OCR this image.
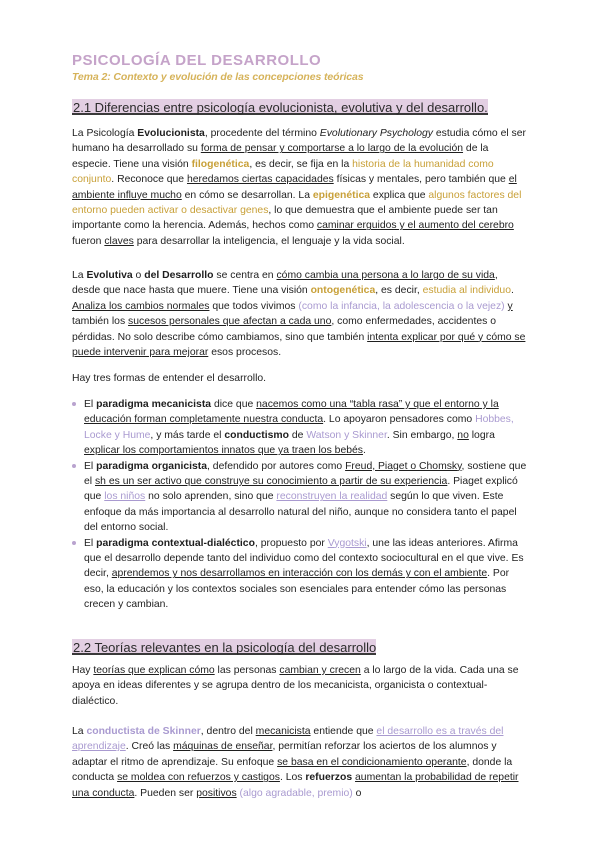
PSICOLOGÍA DEL DESARROLLO
Tema 2: Contexto y evolución de las concepciones teóricas
2.1 Diferencias entre psicología evolucionista, evolutiva y del desarrollo.

La Psicología Evolucionista, procedente del término Evolutionary Psychology estudia cómo el ser humano ha desarrollado su forma de pensar y comportarse a lo largo de la evolución de la especie. Tiene una visión filogenética, es decir, se fija en la historia de la humanidad como conjunto. Reconoce que heredamos ciertas capacidades físicas y mentales, pero también que el ambiente influye mucho en cómo se desarrollan. La epigenética explica que algunos factores del entorno pueden activar o desactivar genes, lo que demuestra que el ambiente puede ser tan importante como la herencia. Además, hechos como caminar erguidos y el aumento del cerebro fueron claves para desarrollar la inteligencia, el lenguaje y la vida social.

La Evolutiva o del Desarrollo se centra en cómo cambia una persona a lo largo de su vida, desde que nace hasta que muere. Tiene una visión ontogenética, es decir, estudia al individuo. Analiza los cambios normales que todos vivimos (como la infancia, la adolescencia o la vejez) y también los sucesos personales que afectan a cada uno, como enfermedades, accidentes o pérdidas. No solo describe cómo cambiamos, sino que también intenta explicar por qué y cómo se puede intervenir para mejorar esos procesos.

Hay tres formas de entender el desarrollo.

El paradigma mecanicista dice que nacemos como una “tabla rasa” y que el entorno y la educación forman completamente nuestra conducta. Lo apoyaron pensadores como Hobbes, Locke y Hume, y más tarde el conductismo de Watson y Skinner. Sin embargo, no logra explicar los comportamientos innatos que ya traen los bebés.
El paradigma organicista, defendido por autores como Freud, Piaget o Chomsky, sostiene que el sh es un ser activo que construye su conocimiento a partir de su experiencia. Piaget explicó que los niños no solo aprenden, sino que reconstruyen la realidad según lo que viven. Este enfoque da más importancia al desarrollo natural del niño, aunque no considera tanto el papel del entorno social.
El paradigma contextual-dialéctico, propuesto por Vygotski, une las ideas anteriores. Afirma que el desarrollo depende tanto del individuo como del contexto sociocultural en el que vive. Es decir, aprendemos y nos desarrollamos en interacción con los demás y con el ambiente. Por eso, la educación y los contextos sociales son esenciales para entender cómo las personas crecen y cambian.
2.2 Teorías relevantes en la psicología del desarrollo

Hay teorías que explican cómo las personas cambian y crecen a lo largo de la vida. Cada una se apoya en ideas diferentes y se agrupa dentro de los mecanicista, organicista o contextual-dialéctico.

La conductista de Skinner, dentro del mecanicista entiende que el desarrollo es a través del aprendizaje. Creó las máquinas de enseñar, permitían reforzar los aciertos de los alumnos y adaptar el ritmo de aprendizaje. Su enfoque se basa en el condicionamiento operante, donde la conducta se moldea con refuerzos y castigos. Los refuerzos aumentan la probabilidad de repetir una conducta. Pueden ser positivos (algo agradable, premio) o
